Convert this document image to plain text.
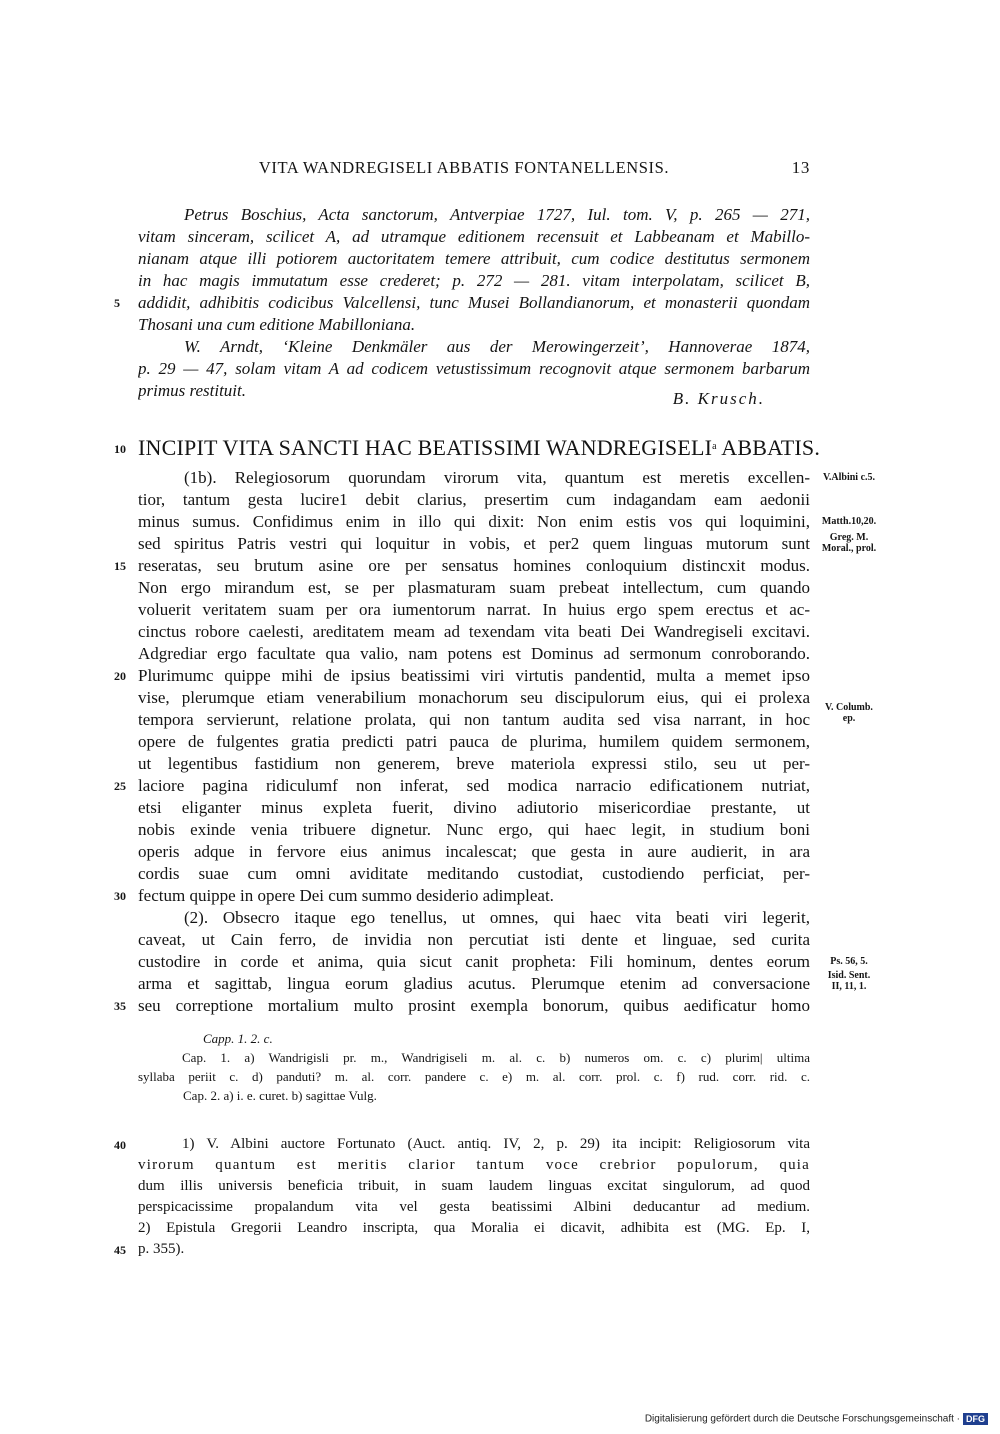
VITA WANDREGISELI ABBATIS FONTANELLENSIS.	13
Petrus Boschius, Acta sanctorum, Antverpiae 1727, Iul. tom. V, p. 265 — 271,
vitam sinceram, scilicet A, ad utramque editionem recensuit et Labbeanam et Mabillo-
nianam atque illi potiorem auctoritatem temere attribuit, cum codice destitutus sermonem
in hac magis immutatum esse crederet; p. 272 — 281. vitam interpolatam, scilicet B,
5	addidit, adhibitis codicibus Valcellensi, tunc Musei Bollandianorum, et monasterii quondam
Thosani una cum editione Mabilloniana.
W. Arndt, ‘Kleine Denkmäler aus der Merowingerzeit’, Hannoverae 1874,
p. 29 — 47, solam vitam A ad codicem vetustissimum recognovit atque sermonem barbarum
primus restituit.	B. Krusch.
10 INCIPIT VITA SANCTI HAC BEATISSIMI WANDREGISELI$^a$ ABBATIS.
(1b). Relegiosorum quorundam virorum vita, quantum est meretis excellen-
tior, tantum gesta lucire1 debit clarius, presertim cum indagandam eam aedonii
minus sumus. Confidimus enim in illo qui dixit: Non enim estis vos qui loquimini,
sed spiritus Patris vestri qui loquitur in vobis, et per2 quem linguas mutorum sunt
15 reseratas, seu brutum asine ore per sensatus homines conloquium distincxit modus.
Non ergo mirandum est, se per plasmaturam suam prebeat intellectum, cum quando
voluerit veritatem suam per ora iumentorum narrat. In huius ergo spem erectus et ac-
cinctus robore caelesti, areditatem meam ad texendam vita beati Dei Wandregiseli excitavi.
Adgrediar ergo facultate qua valio, nam potens est Dominus ad sermonum conroborando.
20 Plurimumc quippe mihi de ipsius beatissimi viri virtutis pandentid, multa a memet ipso
vise, plerumque etiam venerabilium monachorum seu discipulorum eius, qui ei prolexa
tempora servierunt, relatione prolata, qui non tantum audita sed visa narrant, in hoc
opere de fulgentes gratia predicti patri pauca de plurima, humilem quidem sermonem,
ut legentibus fastidium non generem, breve materiola expressi stilo, seu ut per-
25 laciore pagina ridiculumf non inferat, sed modica narracio edificationem nutriat,
etsi eliganter minus expleta fuerit, divino adiutorio misericordiae prestante, ut
nobis exinde venia tribuere dignetur. Nunc ergo, qui haec legit, in studium boni
operis adque in fervore eius animus incalescat; que gesta in aure audierit, in ara
cordis suae cum omni aviditate meditando custodiat, custodiendo perficiat, per-
30 fectum quippe in opere Dei cum summo desiderio adimpleat.
(2). Obsecro itaque ego tenellus, ut omnes, qui haec vita beati viri legerit,
caveat, ut Cain ferro, de invidia non percutiat isti dente et linguae, sed curita
custodire in corde et anima, quia sicut canit propheta: Fili hominum, dentes eorum
arma et sagittab, lingua eorum gladius acutus. Plerumque etenim ad conversacione
35 seu correptione mortalium multo prosint exempla bonorum, quibus aedificatur homo
V.Albini c.5.
Matth.10,20.
Greg. M.
Moral., prol.
V. Columb.
ep.
Ps. 56, 5.
Isid. Sent.
II, 11, 1.
Capp. 1. 2. c.
Cap. 1. a) Wandrigisli pr. m., Wandrigiseli m. al. c. b) numeros om. c. c) plurim| ultima
syllaba periit c. d) panduti? m. al. corr. pandere c. e) m. al. corr. prol. c. f) rud. corr. rid. c.
Cap. 2. a) i. e. curet. b) sagittae Vulg.
40	1) V. Albini auctore Fortunato (Auct. antiq. IV, 2, p. 29) ita incipit: Religiosorum vita
virorum quantum est meritis clarior tantum voce crebrior populorum, quia
dum illis universis beneficia tribuit, in suam laudem linguas excitat singulorum, ad quod
perspicacissime propalandum vita vel gesta beatissimi Albini deducantur ad medium.
2) Epistula Gregorii Leandro inscripta, qua Moralia ei dicavit, adhibita est (MG. Ep. I,
45 p. 355).
Digitalisierung gefördert durch die Deutsche Forschungsgemeinschaft · DFG
